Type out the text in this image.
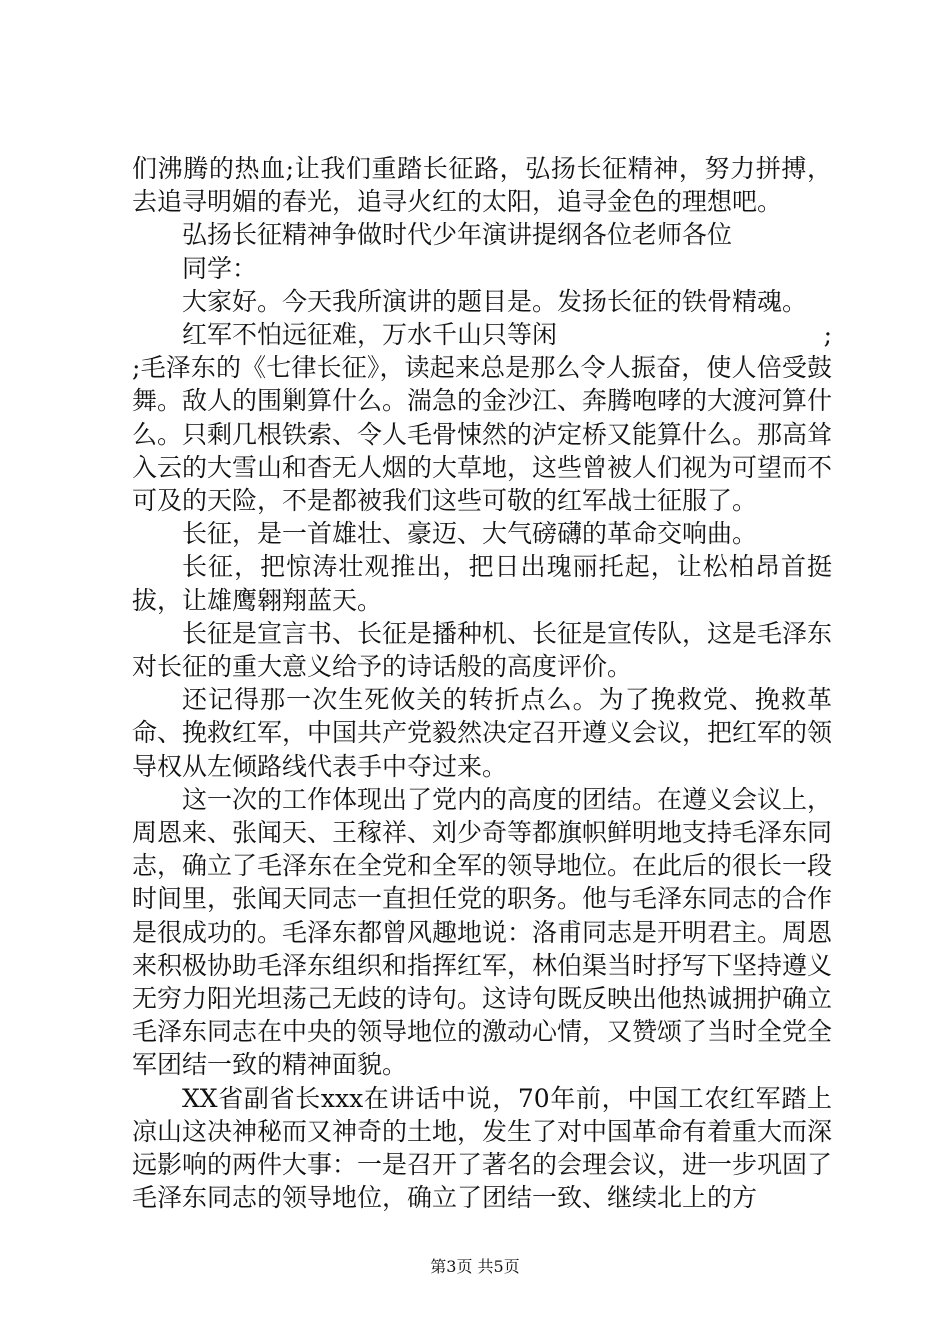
们沸腾的热血;让我们重踏长征路，弘扬长征精神，努力拼搏，去追寻明媚的春光，追寻火红的太阳，追寻金色的理想吧。

弘扬长征精神争做时代少年演讲提纲各位老师各位

同学：

大家好。今天我所演讲的题目是。发扬长征的铁骨精魂。

红军不怕远征难，万水千山只等闲	;

;毛泽东的《七律长征》，读起来总是那么令人振奋，使人倍受鼓舞。敌人的围剿算什么。湍急的金沙江、奔腾咆哮的大渡河算什么。只剩几根铁索、令人毛骨悚然的泸定桥又能算什么。那高耸入云的大雪山和杳无人烟的大草地，这些曾被人们视为可望而不可及的天险，不是都被我们这些可敬的红军战士征服了。

长征，是一首雄壮、豪迈、大气磅礴的革命交响曲。

长征，把惊涛壮观推出，把日出瑰丽托起，让松柏昂首挺拔，让雄鹰翱翔蓝天。

长征是宣言书、长征是播种机、长征是宣传队，这是毛泽东对长征的重大意义给予的诗话般的高度评价。

还记得那一次生死攸关的转折点么。为了挽救党、挽救革命、挽救红军，中国共产党毅然决定召开遵义会议，把红军的领导权从左倾路线代表手中夺过来。

这一次的工作体现出了党内的高度的团结。在遵义会议上，周恩来、张闻天、王稼祥、刘少奇等都旗帜鲜明地支持毛泽东同志，确立了毛泽东在全党和全军的领导地位。在此后的很长一段时间里，张闻天同志一直担任党的职务。他与毛泽东同志的合作是很成功的。毛泽东都曾风趣地说：洛甫同志是开明君主。周恩来积极协助毛泽东组织和指挥红军，林伯渠当时抒写下坚持遵义无穷力阳光坦荡己无歧的诗句。这诗句既反映出他热诚拥护确立毛泽东同志在中央的领导地位的激动心情，又赞颂了当时全党全军团结一致的精神面貌。

XX省副省长xxx在讲话中说，70年前，中国工农红军踏上凉山这决神秘而又神奇的土地，发生了对中国革命有着重大而深远影响的两件大事：一是召开了著名的会理会议，进一步巩固了毛泽东同志的领导地位，确立了团结一致、继续北上的方

第3页 共5页
